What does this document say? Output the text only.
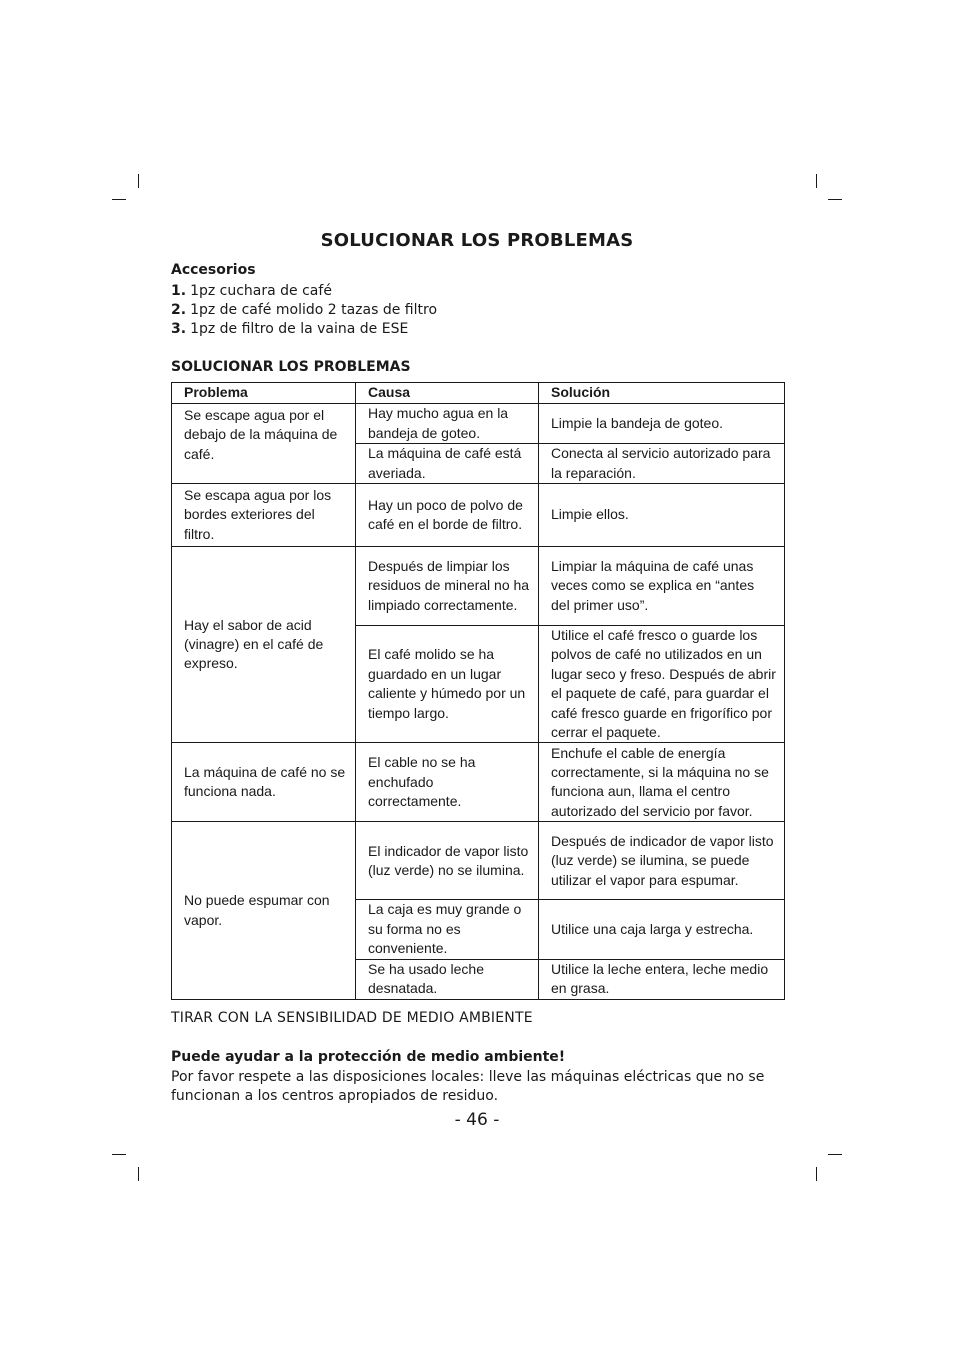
SOLUCIONAR LOS PROBLEMAS
Accesorios
1. 1pz cuchara de café
2. 1pz de café molido 2 tazas de filtro
3. 1pz de filtro de la vaina de ESE
SOLUCIONAR LOS PROBLEMAS
Problema	Causa	Solución
Se escape agua por el debajo de la máquina de café.	Hay mucho agua en la bandeja de goteo.	Limpie la bandeja de goteo.
	La máquina de café está averiada.	Conecta al servicio autorizado para la reparación.
Se escapa agua por los bordes exteriores del filtro.	Hay un poco de polvo de café en el borde de filtro.	Limpie ellos.
Hay el sabor de acid (vinagre) en el café de expreso.	Después de limpiar los residuos de mineral no ha limpiado correctamente.	Limpiar la máquina de café unas veces como se explica en “antes del primer uso”.
	El café molido se ha guardado en un lugar caliente y húmedo por un tiempo largo.	Utilice el café fresco o guarde los polvos de café no utilizados en un lugar seco y freso. Después de abrir el paquete de café, para guardar el café fresco guarde en frigorífico por cerrar el paquete.
La máquina de café no se funciona nada.	El cable no se ha enchufado correctamente.	Enchufe el cable de energía correctamente, si la máquina no se funciona aun, llama el centro autorizado del servicio por favor.
No puede espumar con vapor.	El indicador de vapor listo (luz verde) no se ilumina.	Después de indicador de vapor listo (luz verde) se ilumina, se puede utilizar el vapor para espumar.
	La caja es muy grande o su forma no es conveniente.	Utilice una caja larga y estrecha.
	Se ha usado leche desnatada.	Utilice la leche entera, leche medio en grasa.
TIRAR CON LA SENSIBILIDAD DE MEDIO AMBIENTE
Puede ayudar a la protección de medio ambiente!

Por favor respete a las disposiciones locales: lleve las máquinas eléctricas que no se funcionan a los centros apropiados de residuo.

- 46 -
